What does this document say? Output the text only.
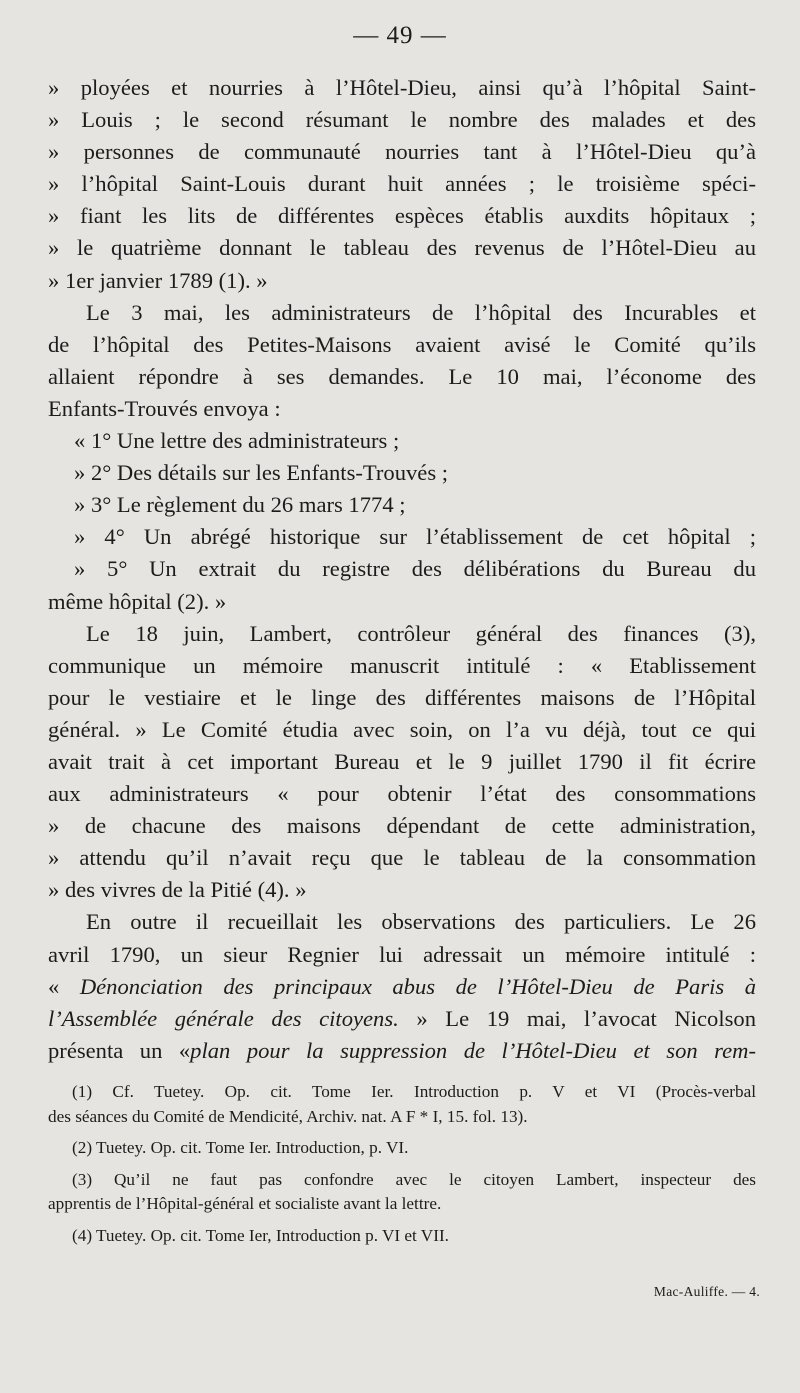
— 49 —
» ployées et nourries à l’Hôtel-Dieu, ainsi qu’à l’hôpital Saint-
» Louis ; le second résumant le nombre des malades et des
» personnes de communauté nourries tant à l’Hôtel-Dieu qu’à
» l’hôpital Saint-Louis durant huit années ; le troisième spéci-
» fiant les lits de différentes espèces établis auxdits hôpitaux ;
» le quatrième donnant le tableau des revenus de l’Hôtel-Dieu au
» 1er janvier 1789 (1). »
Le 3 mai, les administrateurs de l’hôpital des Incurables et
de l’hôpital des Petites-Maisons avaient avisé le Comité qu’ils
allaient répondre à ses demandes. Le 10 mai, l’économe des
Enfants-Trouvés envoya :
« 1° Une lettre des administrateurs ;
» 2° Des détails sur les Enfants-Trouvés ;
» 3° Le règlement du 26 mars 1774 ;
» 4° Un abrégé historique sur l’établissement de cet hôpital ;
» 5° Un extrait du registre des délibérations du Bureau du
même hôpital (2). »
Le 18 juin, Lambert, contrôleur général des finances (3),
communique un mémoire manuscrit intitulé : « Etablissement
pour le vestiaire et le linge des différentes maisons de l’Hôpital
général. » Le Comité étudia avec soin, on l’a vu déjà, tout ce qui
avait trait à cet important Bureau et le 9 juillet 1790 il fit écrire
aux administrateurs « pour obtenir l’état des consommations
» de chacune des maisons dépendant de cette administration,
» attendu qu’il n’avait reçu que le tableau de la consommation
» des vivres de la Pitié (4). »
En outre il recueillait les observations des particuliers. Le 26
avril 1790, un sieur Regnier lui adressait un mémoire intitulé :
« Dénonciation des principaux abus de l’Hôtel-Dieu de Paris à
l’Assemblée générale des citoyens. » Le 19 mai, l’avocat Nicolson
présenta un «plan pour la suppression de l’Hôtel-Dieu et son rem-
(1) Cf. Tuetey. Op. cit. Tome Ier. Introduction p. V et VI (Procès-verbal
des séances du Comité de Mendicité, Archiv. nat. A F * I, 15. fol. 13).
(2) Tuetey. Op. cit. Tome Ier. Introduction, p. VI.
(3) Qu’il ne faut pas confondre avec le citoyen Lambert, inspecteur des
apprentis de l’Hôpital-général et socialiste avant la lettre.
(4) Tuetey. Op. cit. Tome Ier, Introduction p. VI et VII.
Mac-Auliffe. — 4.
